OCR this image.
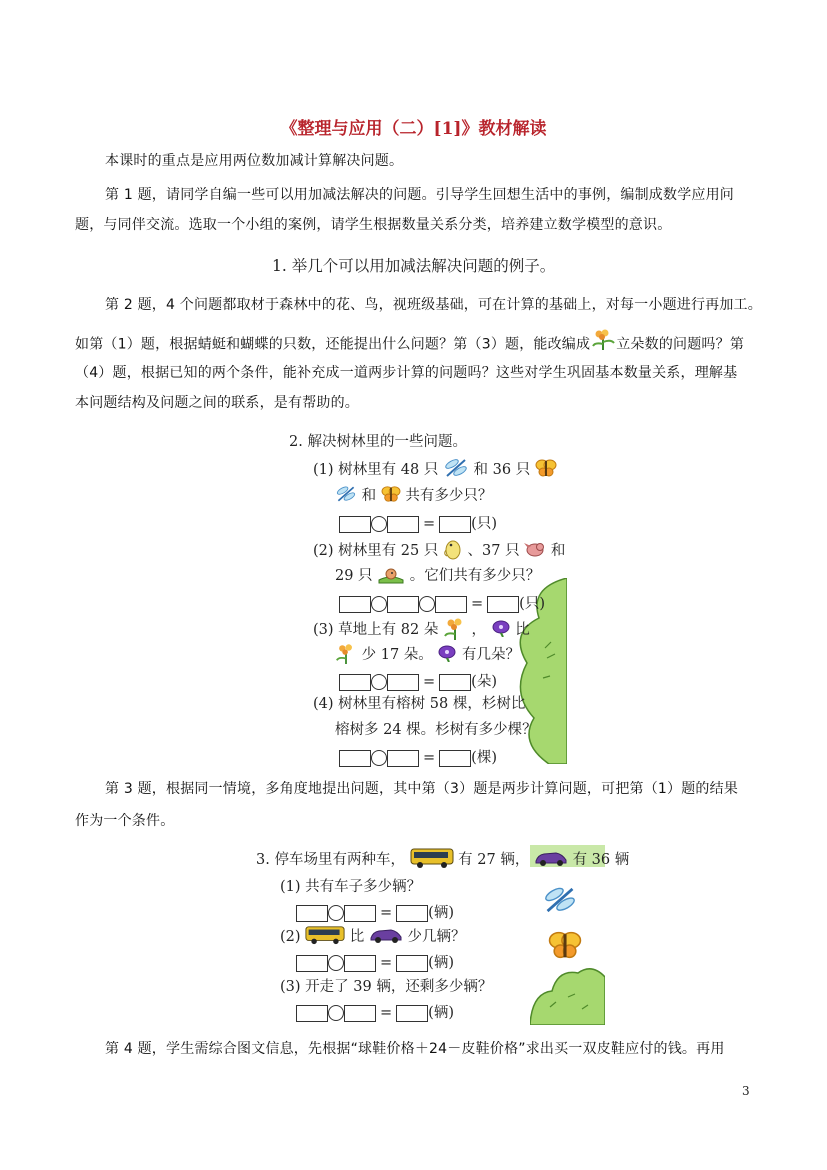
《整理与应用（二）[1]》教材解读
本课时的重点是应用两位数加减计算解决问题。
第 1 题，请同学自编一些可以用加减法解决的问题。引导学生回想生活中的事例，编制成数学应用问
题，与同伴交流。选取一个小组的案例，请学生根据数量关系分类，培养建立数学模型的意识。
1. 举几个可以用加减法解决问题的例子。
第 2 题，4 个问题都取材于森林中的花、鸟，视班级基础，可在计算的基础上，对每一小题进行再加工。
如第（1）题，根据蜻蜓和蝴蝶的只数，还能提出什么问题？第（3）题，能改编成 立朵数的问题吗？第
（4）题，根据已知的两个条件，能补充成一道两步计算的问题吗？这些对学生巩固基本数量关系，理解基
本问题结构及问题之间的联系，是有帮助的。
2. 解决树林里的一些问题。
(1) 树林里有 48 只 和 36 只
和 共有多少只？
= (只)
(2) 树林里有 25 只 、37 只 和
29 只	。它们共有多少只？
= (只)
(3) 草地上有 82 朵 ， 比
少 17 朵。 有几朵？
= (朵)
(4) 树林里有榕树 58 棵，杉树比
榕树多 24 棵。杉树有多少棵？
= (棵)
第 3 题，根据同一情境，多角度地提出问题，其中第（3）题是两步计算问题，可把第（1）题的结果
作为一个条件。
3. 停车场里有两种车，	有 27 辆，	有 36 辆
(1) 共有车子多少辆？
= (辆)
(2)	比	少几辆？
= (辆)
(3) 开走了 39 辆，还剩多少辆？
= (辆)
第 4 题，学生需综合图文信息，先根据“球鞋价格＋24－皮鞋价格”求出买一双皮鞋应付的钱。再用
3
